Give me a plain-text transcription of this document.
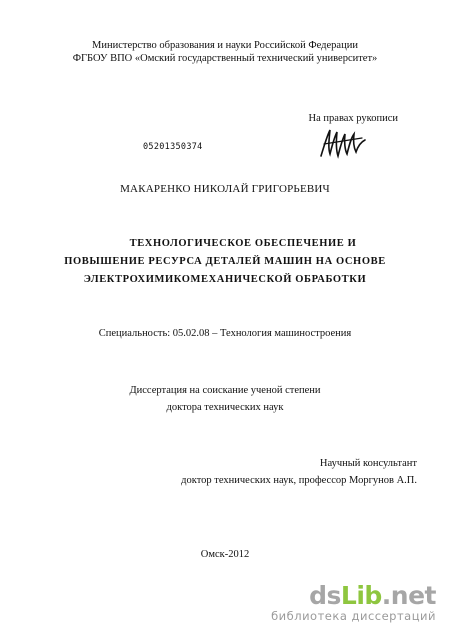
Министерство образования и науки Российской Федерации
ФГБОУ ВПО «Омский государственный технический университет»
На правах рукописи
05201350374
МАКАРЕНКО НИКОЛАЙ ГРИГОРЬЕВИЧ
ТЕХНОЛОГИЧЕСКОЕ ОБЕСПЕЧЕНИЕ И
ПОВЫШЕНИЕ РЕСУРСА ДЕТАЛЕЙ МАШИН НА ОСНОВЕ
ЭЛЕКТРОХИМИКОМЕХАНИЧЕСКОЙ ОБРАБОТКИ
Специальность: 05.02.08 – Технология машиностроения
Диссертация на соискание ученой степени
доктора технических наук
Научный консультант
доктор технических наук, профессор Моргунов А.П.
Омск-2012
dsLib.net
библиотека диссертаций
